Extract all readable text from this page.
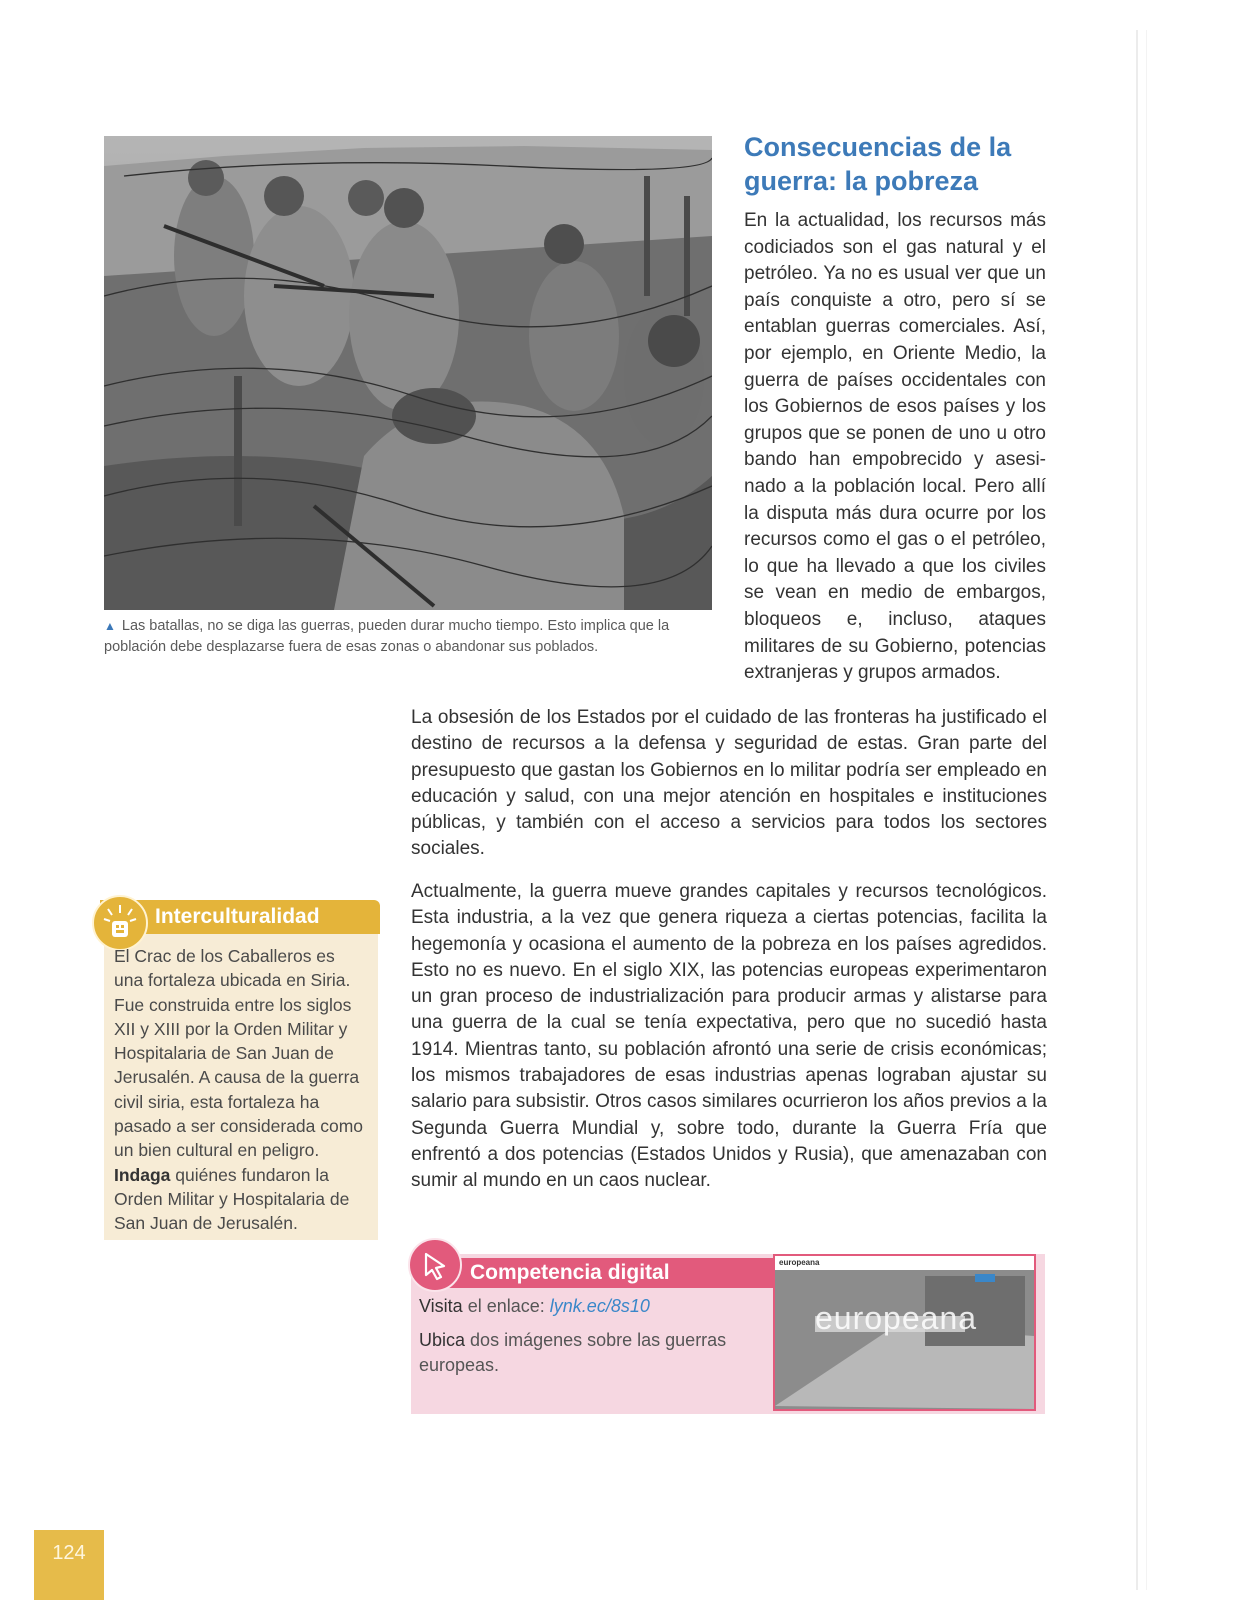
▲ Las batallas, no se diga las guerras, pueden durar mucho tiempo. Esto implica que la población debe desplazarse fuera de esas zonas o abandonar sus poblados.
Consecuencias de la guerra: la pobreza
En la actualidad, los recursos más codiciados son el gas natural y el petróleo. Ya no es usual ver que un país conquiste a otro, pero sí se entablan guerras comerciales. Así, por ejemplo, en Oriente Medio, la guerra de países occidentales con los Gobiernos de esos países y los grupos que se ponen de uno u otro bando han empobrecido y asesinado a la población local. Pero allí la disputa más dura ocurre por los recursos como el gas o el petróleo, lo que ha llevado a que los civiles se vean en medio de embargos, bloqueos e, incluso, ataques militares de su Gobierno, potencias extranjeras y grupos armados.
La obsesión de los Estados por el cuidado de las fronteras ha justificado el destino de recursos a la defensa y seguridad de estas. Gran parte del presupuesto que gastan los Gobiernos en lo militar podría ser empleado en educación y salud, con una mejor atención en hospitales e instituciones públicas, y también con el acceso a servicios para todos los sectores sociales.
Actualmente, la guerra mueve grandes capitales y recursos tecnológicos. Esta industria, a la vez que genera riqueza a ciertas potencias, facilita la hegemonía y ocasiona el aumento de la pobreza en los países agredidos. Esto no es nuevo. En el siglo XIX, las potencias europeas experimentaron un gran proceso de industrialización para producir armas y alistarse para una guerra de la cual se tenía expectativa, pero que no sucedió hasta 1914. Mientras tanto, su población afrontó una serie de crisis económicas; los mismos trabajadores de esas industrias apenas lograban ajustar su salario para subsistir. Otros casos similares ocurrieron los años previos a la Segunda Guerra Mundial y, sobre todo, durante la Guerra Fría que enfrentó a dos potencias (Estados Unidos y Rusia), que amenazaban con sumir al mundo en un caos nuclear.
Interculturalidad
El Crac de los Caballeros es una fortaleza ubicada en Siria. Fue construida entre los siglos XII y XIII por la Orden Militar y Hospitalaria de San Juan de Jerusalén. A causa de la guerra civil siria, esta fortaleza ha pasado a ser considerada como un bien cultural en peligro. Indaga quiénes fundaron la Orden Militar y Hospitalaria de San Juan de Jerusalén.
Competencia digital
Visita el enlace: lynk.ec/8s10
Ubica dos imágenes sobre las guerras europeas.
europeana
europeana
124
